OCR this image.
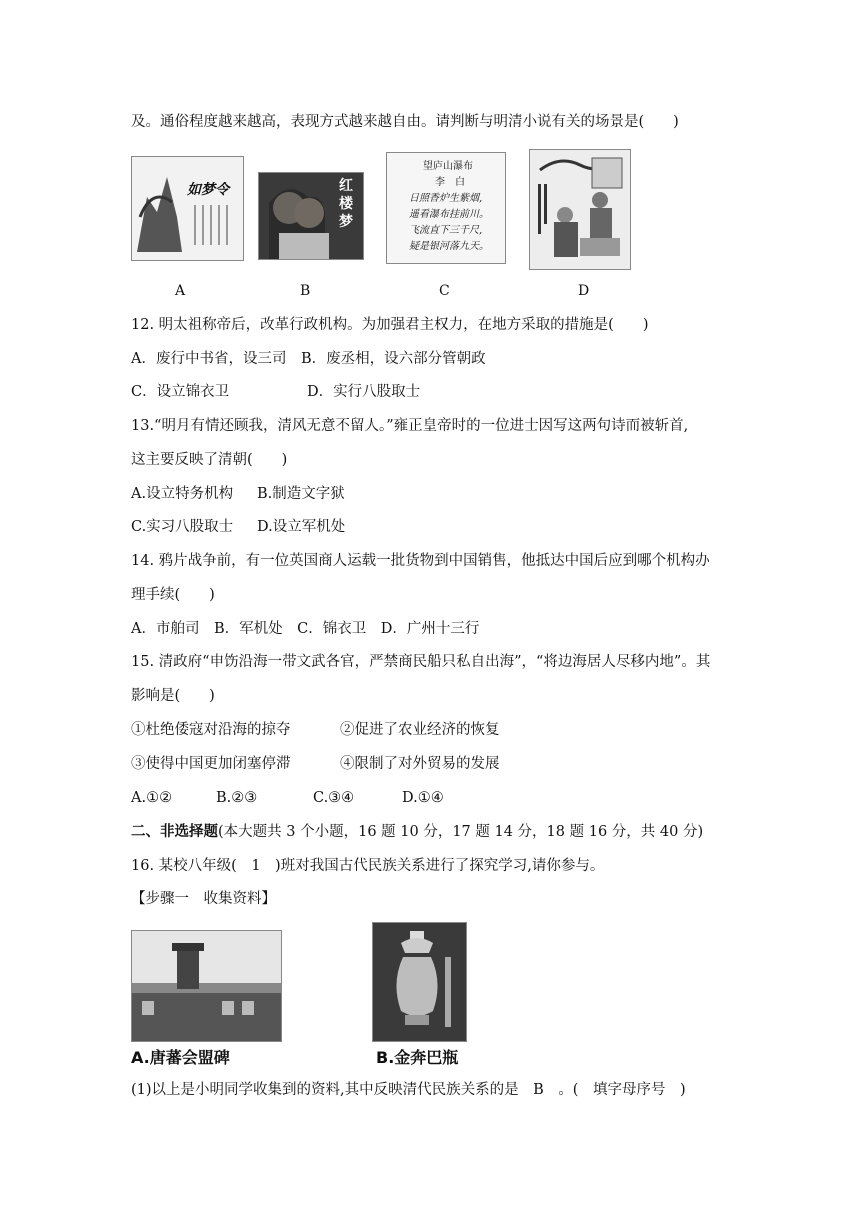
及。通俗程度越来越高，表现方式越来越自由。请判断与明清小说有关的场景是(　　)
如梦令	红楼梦
望庐山瀑布
李　白
日照香炉生紫烟,
遥看瀑布挂前川。
飞流直下三千尺,
疑是银河落九天。
A	B	C	D
12. 明太祖称帝后，改革行政机构。为加强君主权力，在地方采取的措施是(　　)
A．废行中书省，设三司　B．废丞相，设六部分管朝政
C．设立锦衣卫	D．实行八股取士
13.“明月有情还顾我，清风无意不留人。”雍正皇帝时的一位进士因写这两句诗而被斩首,
这主要反映了清朝(　　)
A.设立特务机构 B.制造文字狱
C.实习八股取士 D.设立军机处
14. 鸦片战争前，有一位英国商人运载一批货物到中国销售，他抵达中国后应到哪个机构办
理手续(　　)
A．市舶司　B．军机处　C．锦衣卫　D．广州十三行
15. 清政府“申饬沿海一带文武各官，严禁商民船只私自出海”，“将边海居人尽移内地”。其
影响是(　　)
①杜绝倭寇对沿海的掠夺	②促进了农业经济的恢复
③使得中国更加闭塞停滞	④限制了对外贸易的发展
A.①②	B.②③	C.③④	D.①④
二、非选择题(本大题共 3 个小题，16 题 10 分，17 题 14 分，18 题 16 分，共 40 分)
16. 某校八年级(　1　)班对我国古代民族关系进行了探究学习,请你参与。
【步骤一　收集资料】
A.唐蕃会盟碑	B.金奔巴瓶
(1)以上是小明同学收集到的资料,其中反映清代民族关系的是　B　。(　填字母序号　)
